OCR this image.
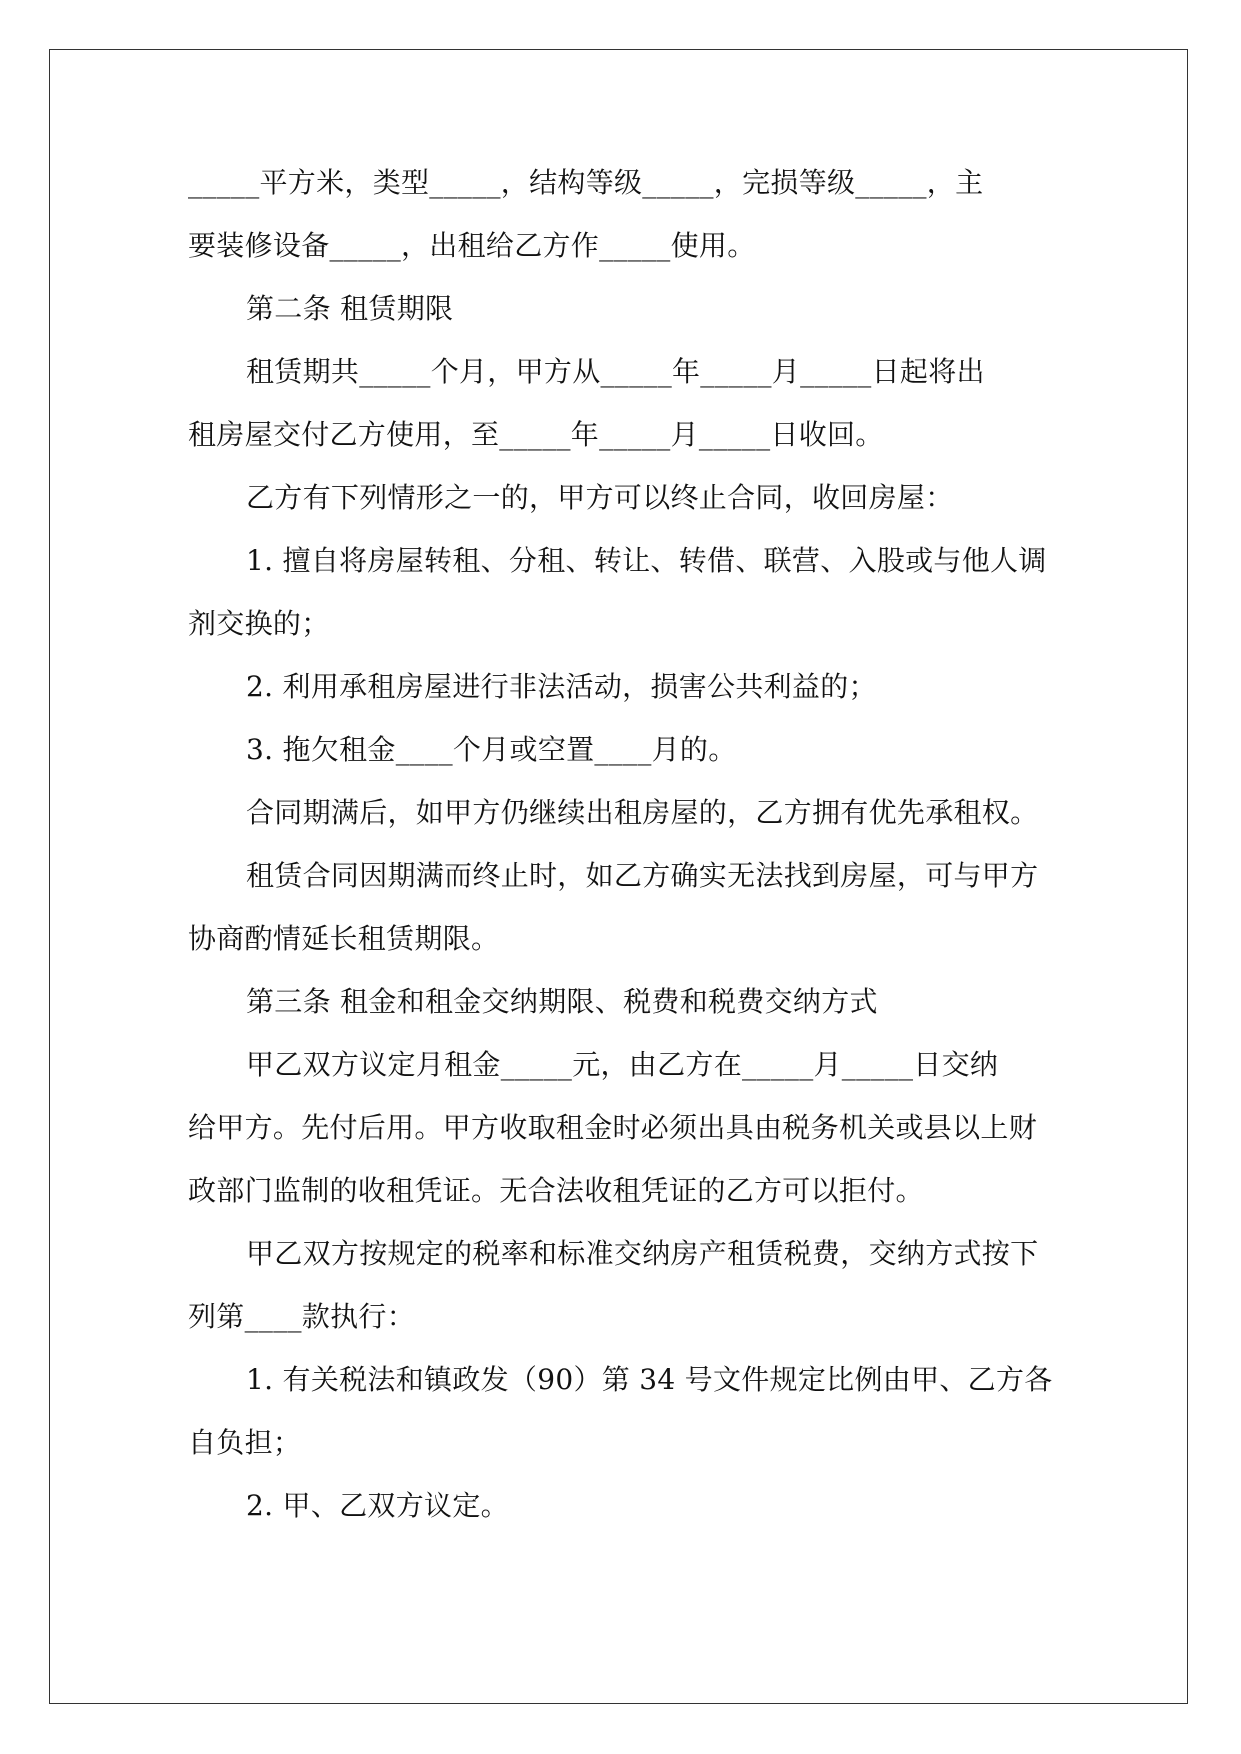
_____平方米，类型_____，结构等级_____，完损等级_____，主
要装修设备_____，出租给乙方作_____使用。
第二条 租赁期限
租赁期共_____个月，甲方从_____年_____月_____日起将出
租房屋交付乙方使用，至_____年_____月_____日收回。
乙方有下列情形之一的，甲方可以终止合同，收回房屋：
1. 擅自将房屋转租、分租、转让、转借、联营、入股或与他人调
剂交换的；
2. 利用承租房屋进行非法活动，损害公共利益的；
3. 拖欠租金____个月或空置____月的。
合同期满后，如甲方仍继续出租房屋的，乙方拥有优先承租权。
租赁合同因期满而终止时，如乙方确实无法找到房屋，可与甲方
协商酌情延长租赁期限。
第三条 租金和租金交纳期限、税费和税费交纳方式
甲乙双方议定月租金_____元，由乙方在_____月_____日交纳
给甲方。先付后用。甲方收取租金时必须出具由税务机关或县以上财
政部门监制的收租凭证。无合法收租凭证的乙方可以拒付。
甲乙双方按规定的税率和标准交纳房产租赁税费，交纳方式按下
列第____款执行：
1. 有关税法和镇政发（90）第 34 号文件规定比例由甲、乙方各
自负担；
2. 甲、乙双方议定。
